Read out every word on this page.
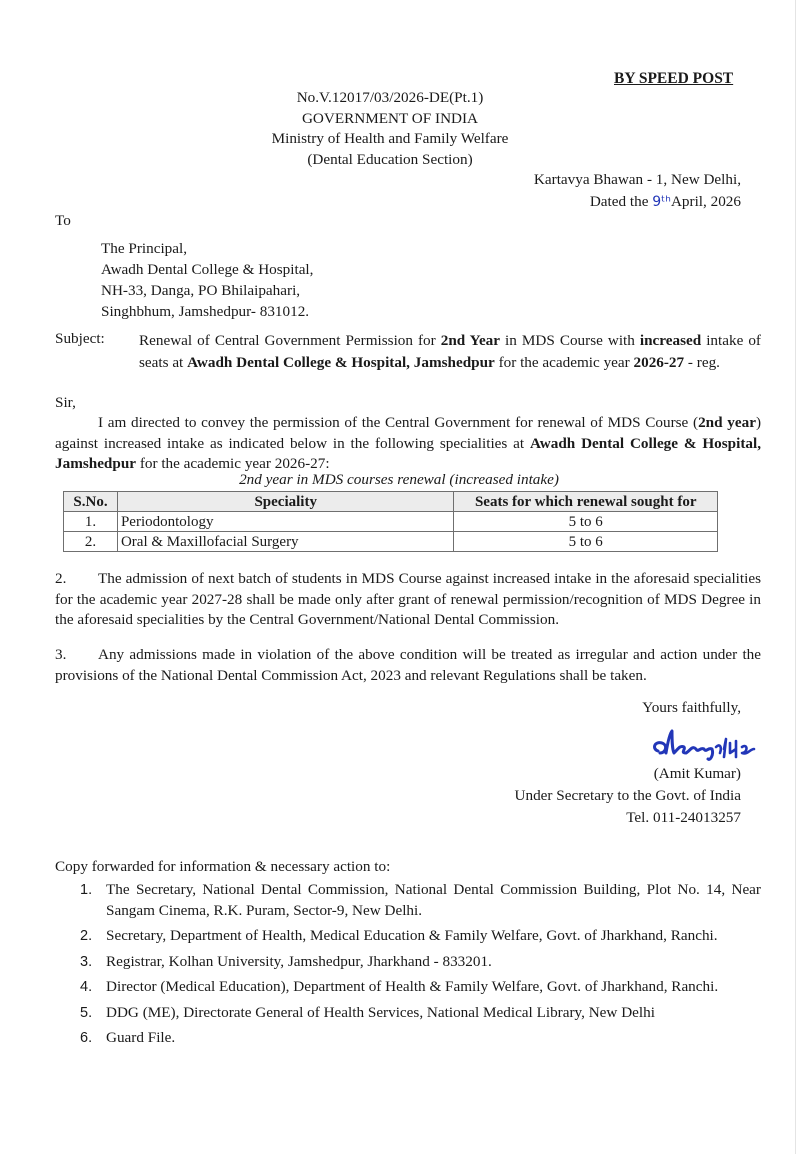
BY SPEED POST
No.V.12017/03/2026-DE(Pt.1)
GOVERNMENT OF INDIA
Ministry of Health and Family Welfare
(Dental Education Section)
Kartavya Bhawan - 1, New Delhi,
Dated the 9ᵗʰApril, 2026
To
The Principal,
Awadh Dental College & Hospital,
NH-33, Danga, PO Bhilaipahari,
Singhbhum, Jamshedpur- 831012.
Subject: Renewal of Central Government Permission for 2nd Year in MDS Course with increased intake of seats at Awadh Dental College & Hospital, Jamshedpur for the academic year 2026-27 - reg.
Sir,
I am directed to convey the permission of the Central Government for renewal of MDS Course (2nd year) against increased intake as indicated below in the following specialities at Awadh Dental College & Hospital, Jamshedpur for the academic year 2026-27:
2nd year in MDS courses renewal (increased intake)
S.No.	Speciality	Seats for which renewal sought for
1.	Periodontology	5 to 6
2.	Oral & Maxillofacial Surgery	5 to 6
2. The admission of next batch of students in MDS Course against increased intake in the aforesaid specialities for the academic year 2027-28 shall be made only after grant of renewal permission/recognition of MDS Degree in the aforesaid specialities by the Central Government/National Dental Commission.
3. Any admissions made in violation of the above condition will be treated as irregular and action under the provisions of the National Dental Commission Act, 2023 and relevant Regulations shall be taken.
Yours faithfully,
(Amit Kumar)
Under Secretary to the Govt. of India
Tel. 011-24013257
Copy forwarded for information & necessary action to:
1. The Secretary, National Dental Commission, National Dental Commission Building, Plot No. 14, Near Sangam Cinema, R.K. Puram, Sector-9, New Delhi.
2. Secretary, Department of Health, Medical Education & Family Welfare, Govt. of Jharkhand, Ranchi.
3. Registrar, Kolhan University, Jamshedpur, Jharkhand - 833201.
4. Director (Medical Education), Department of Health & Family Welfare, Govt. of Jharkhand, Ranchi.
5. DDG (ME), Directorate General of Health Services, National Medical Library, New Delhi
6. Guard File.
